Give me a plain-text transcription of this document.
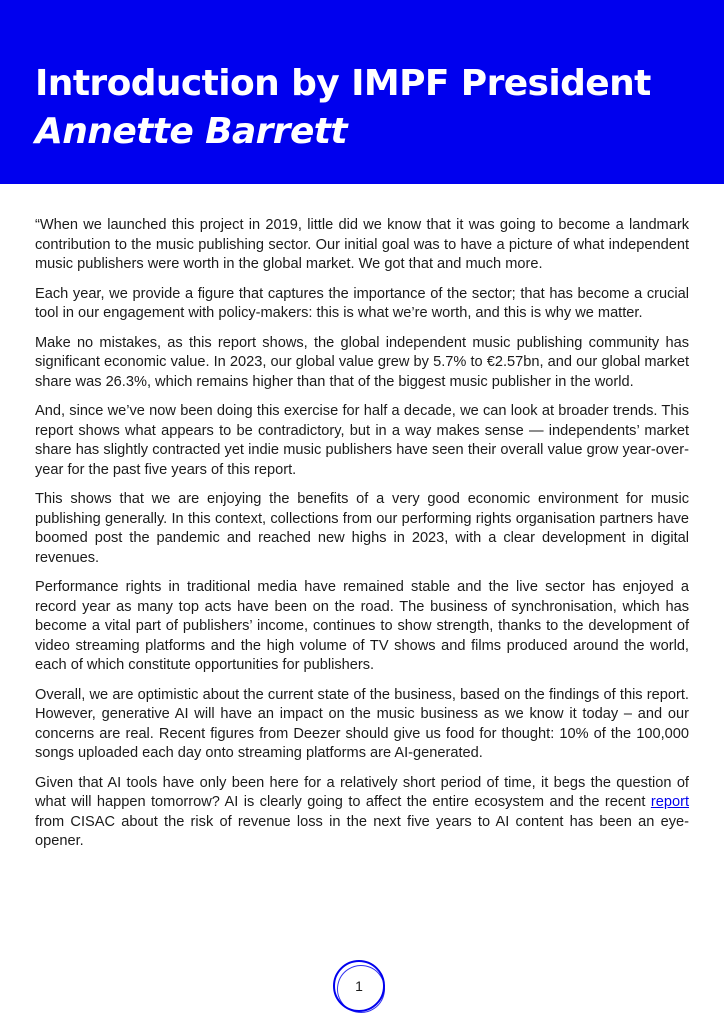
Introduction by IMPF President
Annette Barrett

“When we launched this project in 2019, little did we know that it was going to become a landmark contribution to the music publishing sector. Our initial goal was to have a picture of what independent music publishers were worth in the global market. We got that and much more.

Each year, we provide a figure that captures the importance of the sector; that has become a crucial tool in our engagement with policy-makers: this is what we’re worth, and this is why we matter.

Make no mistakes, as this report shows, the global independent music publishing community has significant economic value. In 2023, our global value grew by 5.7% to €2.57bn, and our global market share was 26.3%, which remains higher than that of the biggest music publisher in the world.

And, since we’ve now been doing this exercise for half a decade, we can look at broader trends. This report shows what appears to be contradictory, but in a way makes sense — independents’ market share has slightly contracted yet indie music publishers have seen their overall value grow year-over-year for the past five years of this report.

This shows that we are enjoying the benefits of a very good economic environment for music publishing generally. In this context, collections from our performing rights organisation partners have boomed post the pandemic and reached new highs in 2023, with a clear development in digital revenues.

Performance rights in traditional media have remained stable and the live sector has enjoyed a record year as many top acts have been on the road. The business of synchronisation, which has become a vital part of publishers’ income, continues to show strength, thanks to the development of video streaming platforms and the high volume of TV shows and films produced around the world, each of which constitute opportunities for publishers.

Overall, we are optimistic about the current state of the business, based on the findings of this report. However, generative AI will have an impact on the music business as we know it today – and our concerns are real. Recent figures from Deezer should give us food for thought: 10% of the 100,000 songs uploaded each day onto streaming platforms are AI-generated.

Given that AI tools have only been here for a relatively short period of time, it begs the question of what will happen tomorrow? AI is clearly going to affect the entire ecosystem and the recent report from CISAC about the risk of revenue loss in the next five years to AI content has been an eye-opener.

1
